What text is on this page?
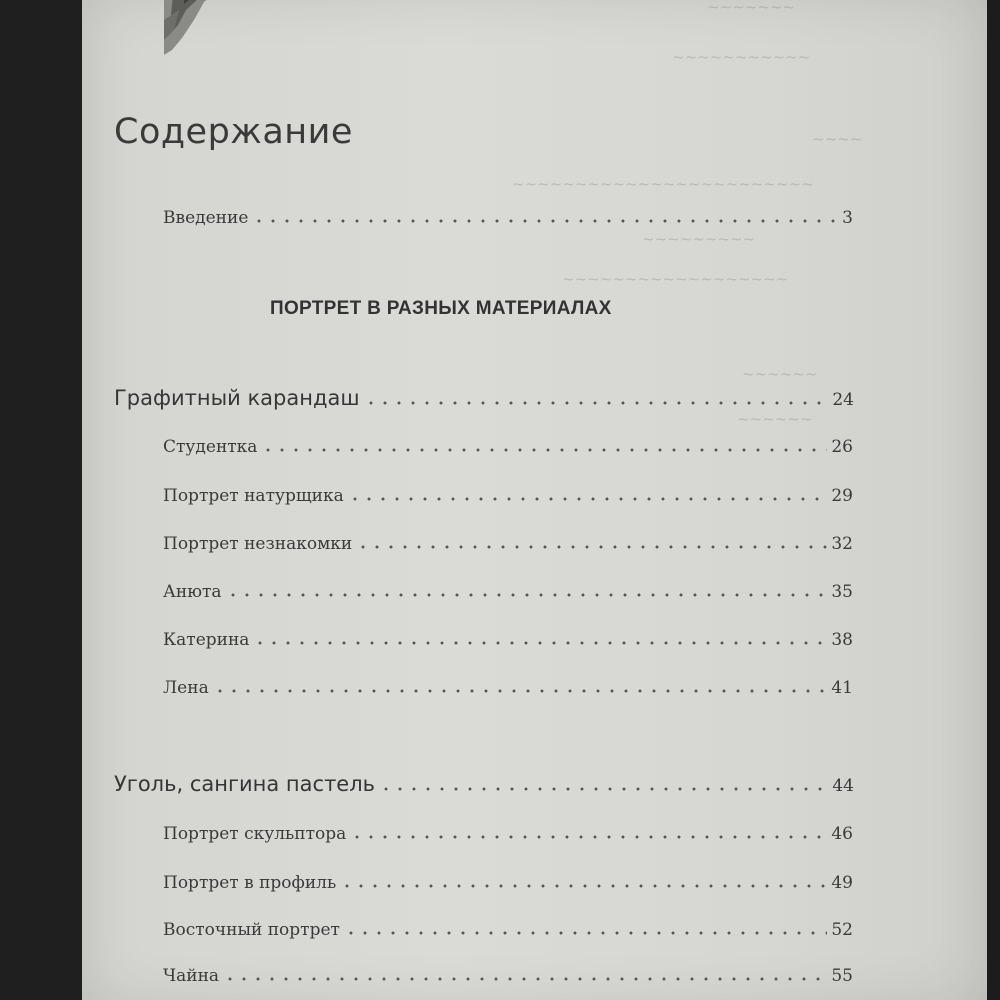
~~~~~~~
~~~~~~~~~~~
~~~~
~~~~~~~~~~~~~~~~~~~~~~~~
~~~~~~~~~
~~~~~~~~~~~~~~~~~~
~~~~~~
~~~~~~
Содержание
Введение	3
ПОРТРЕТ В РАЗНЫХ МАТЕРИАЛАХ
Графитный карандаш	24
Студентка	26
Портрет натурщика	29
Портрет незнакомки	32
Анюта	35
Катерина	38
Лена	41
Уголь, сангина пастель	44
Портрет скульптора	46
Портрет в профиль	49
Восточный портрет	52
Чайна	55
